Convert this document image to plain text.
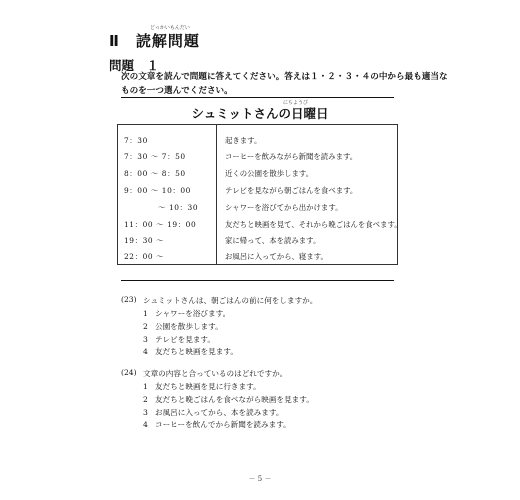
どっかいもんだい
Ⅱ　読解問題
問題　１
次の文章を読んで問題に答えてください。答えは１・２・３・４の中から最も適当な
ものを一つ選んでください。
にちようび
シュミットさんの日曜日
7：30	起きます。
7：30 ～ 7：50	コーヒーを飲みながら新聞を読みます。
8：00 ～ 8：50	近くの公園を散歩します。
9：00 ～ 10：00	テレビを見ながら朝ごはんを食べます。
～ 10：30	シャワーを浴びてから出かけます。
11：00 ～ 19：00	友だちと映画を見て、それから晩ごはんを食べます。
19：30 ～	家に帰って、本を読みます。
22：00 ～	お風呂に入ってから、寝ます。
(23) シュミットさんは、朝ごはんの前に何をしますか。
1 シャワーを浴びます。
2 公園を散歩します。
3 テレビを見ます。
4 友だちと映画を見ます。
(24) 文章の内容と合っているのはどれですか。
1 友だちと映画を見に行きます。
2 友だちと晩ごはんを食べながら映画を見ます。
3 お風呂に入ってから、本を読みます。
4 コーヒーを飲んでから新聞を読みます。
－ 5 －
